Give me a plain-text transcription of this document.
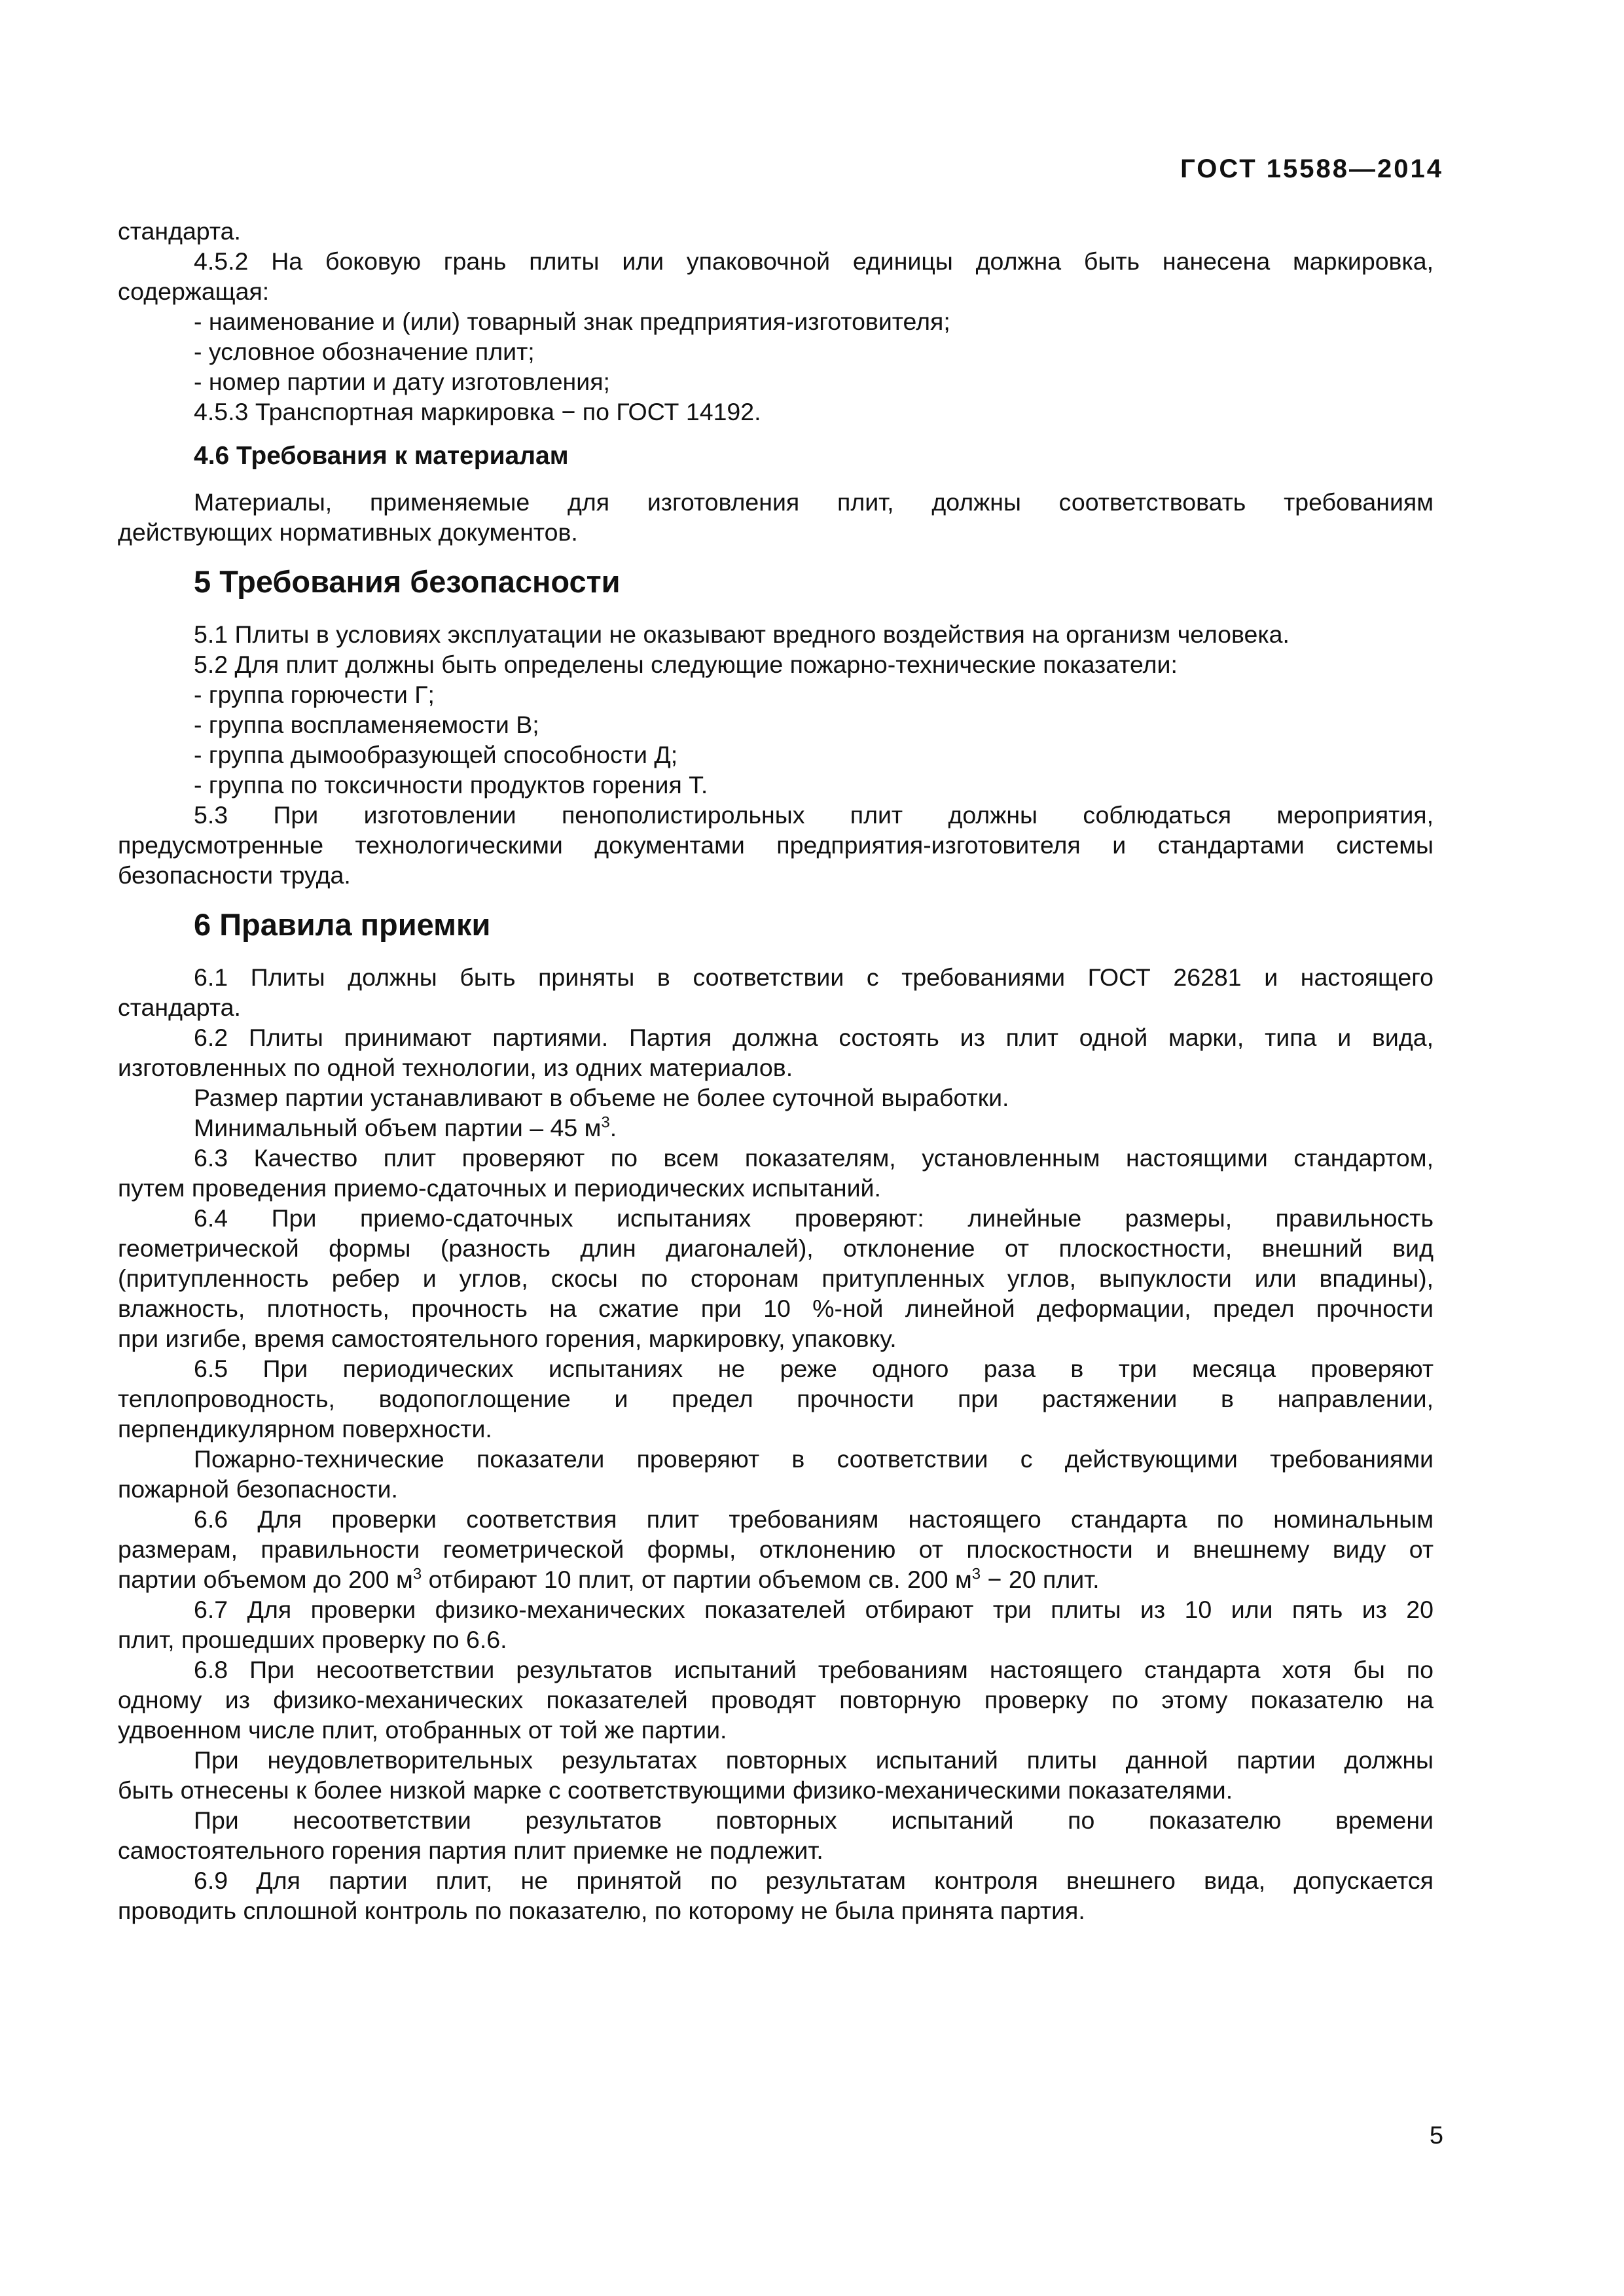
ГОСТ 15588—2014

стандарта.

4.5.2 На боковую грань плиты или упаковочной единицы должна быть нанесена маркировка,

содержащая:

- наименование и (или) товарный знак предприятия-изготовителя;

- условное обозначение плит;

- номер партии и дату изготовления;

4.5.3 Транспортная маркировка − по ГОСТ 14192.

4.6 Требования к материалам

Материалы, применяемые для изготовления плит, должны соответствовать требованиям

действующих нормативных документов.

5 Требования безопасности

5.1 Плиты в условиях эксплуатации не оказывают вредного воздействия на организм человека.

5.2 Для плит должны быть определены следующие пожарно-технические показатели:

- группа горючести Г;

- группа воспламеняемости В;

- группа дымообразующей способности Д;

- группа по токсичности продуктов горения Т.

5.3 При изготовлении пенополистирольных плит должны соблюдаться мероприятия,

предусмотренные технологическими документами предприятия-изготовителя и стандартами системы

безопасности труда.

6 Правила приемки

6.1 Плиты должны быть приняты в соответствии с требованиями ГОСТ 26281 и настоящего

стандарта.

6.2 Плиты принимают партиями. Партия должна состоять из плит одной марки, типа и вида,

изготовленных по одной технологии, из одних материалов.

Размер партии устанавливают в объеме не более суточной выработки.

Минимальный объем партии – 45 $м^3$.

6.3 Качество плит проверяют по всем показателям, установленным настоящими стандартом,

путем проведения приемо-сдаточных и периодических испытаний.

6.4 При приемо-сдаточных испытаниях проверяют: линейные размеры, правильность

геометрической формы (разность длин диагоналей), отклонение от плоскостности, внешний вид

(притупленность ребер и углов, скосы по сторонам притупленных углов, выпуклости или впадины),

влажность, плотность, прочность на сжатие при 10 %-ной линейной деформации, предел прочности

при изгибе, время самостоятельного горения, маркировку, упаковку.

6.5 При периодических испытаниях не реже одного раза в три месяца проверяют

теплопроводность, водопоглощение и предел прочности при растяжении в направлении,

перпендикулярном поверхности.

Пожарно-технические показатели проверяют в соответствии с действующими требованиями

пожарной безопасности.

6.6 Для проверки соответствия плит требованиям настоящего стандарта по номинальным

размерам, правильности геометрической формы, отклонению от плоскостности и внешнему виду от

партии объемом до 200 $м^3$ отбирают 10 плит, от партии объемом св. 200 $м^3 - 20$ плит.

6.7 Для проверки физико-механических показателей отбирают три плиты из 10 или пять из 20

плит, прошедших проверку по 6.6.

6.8 При несоответствии результатов испытаний требованиям настоящего стандарта хотя бы по

одному из физико-механических показателей проводят повторную проверку по этому показателю на

удвоенном числе плит, отобранных от той же партии.

При неудовлетворительных результатах повторных испытаний плиты данной партии должны

быть отнесены к более низкой марке с соответствующими физико-механическими показателями.

При несоответствии результатов повторных испытаний по показателю времени

самостоятельного горения партия плит приемке не подлежит.

6.9 Для партии плит, не принятой по результатам контроля внешнего вида, допускается

проводить сплошной контроль по показателю, по которому не была принята партия.

5
